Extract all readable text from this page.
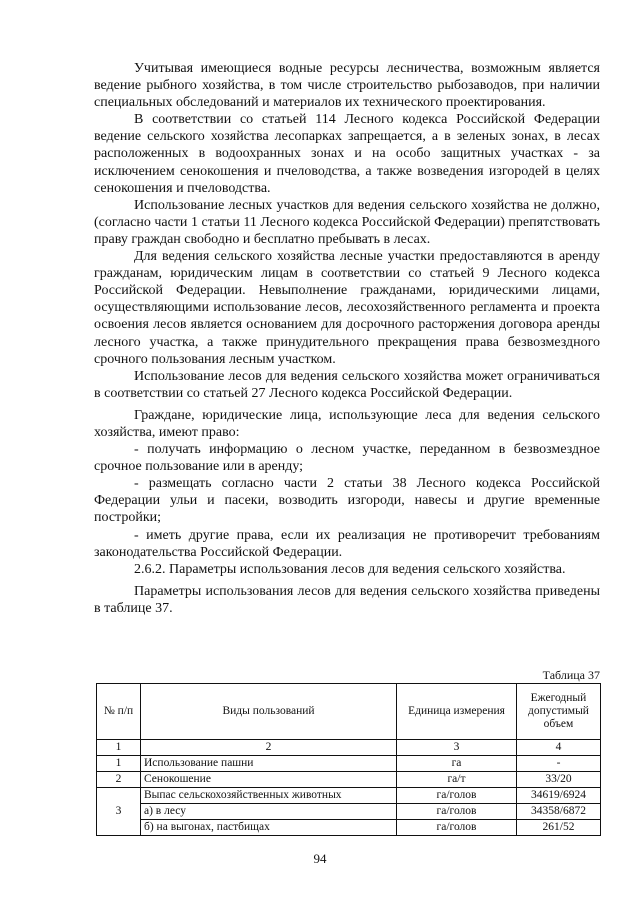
Учитывая имеющиеся водные ресурсы лесничества, возможным является ведение рыбного хозяйства, в том числе строительство рыбозаводов, при наличии специальных обследований и материалов их технического проектирования.

В соответствии со статьей 114 Лесного кодекса Российской Федерации ведение сельского хозяйства лесопарках запрещается, а в зеленых зонах, в лесах расположенных в водоохранных зонах и на особо защитных участках - за исключением сенокошения и пчеловодства, а также возведения изгородей в целях сенокошения и пчеловодства.

Использование лесных участков для ведения сельского хозяйства не должно, (согласно части 1 статьи 11 Лесного кодекса Российской Федерации) препятствовать праву граждан свободно и бесплатно пребывать в лесах.

Для ведения сельского хозяйства лесные участки предоставляются в аренду гражданам, юридическим лицам в соответствии со статьей 9 Лесного кодекса Российской Федерации. Невыполнение гражданами, юридическими лицами, осуществляющими использование лесов, лесохозяйственного регламента и проекта освоения лесов является основанием для досрочного расторжения договора аренды лесного участка, а также принудительного прекращения права безвозмездного срочного пользования лесным участком.

Использование лесов для ведения сельского хозяйства может ограничиваться в соответствии со статьей 27 Лесного кодекса Российской Федерации.

Граждане, юридические лица, использующие леса для ведения сельского хозяйства, имеют право:

- получать информацию о лесном участке, переданном в безвозмездное срочное пользование или в аренду;

- размещать согласно части 2 статьи 38 Лесного кодекса Российской Федерации ульи и пасеки, возводить изгороди, навесы и другие временные постройки;

- иметь другие права, если их реализация не противоречит требованиям законодательства Российской Федерации.

2.6.2. Параметры использования лесов для ведения сельского хозяйства.

Параметры использования лесов для ведения сельского хозяйства приведены в таблице 37.

Таблица 37
№ п/п	Виды пользований	Единица измерения	Ежегодный допустимый объем
1	2	3	4
1	Использование пашни	га	-
2	Сенокошение	га/т	33/20
3	Выпас сельскохозяйственных животных	га/голов	34619/6924
	а) в лесу	га/голов	34358/6872
	б) на выгонах, пастбищах	га/голов	261/52
94
